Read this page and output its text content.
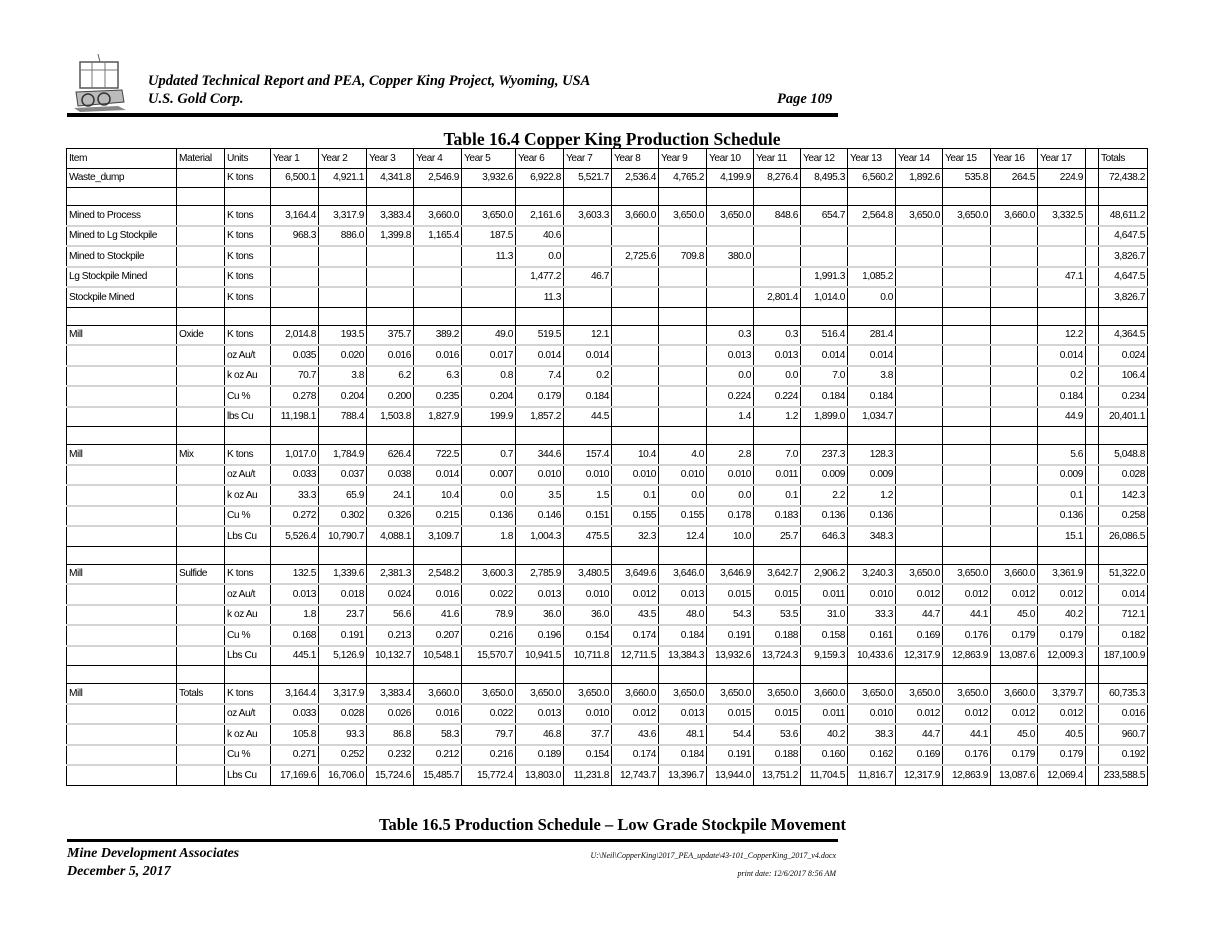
Updated Technical Report and PEA, Copper King Project, Wyoming, USA
U.S. Gold Corp.	Page 109
Table 16.4 Copper King Production Schedule
Item	Material	Units	Year 1	Year 2	Year 3	Year 4	Year 5	Year 6	Year 7	Year 8	Year 9	Year 10	Year 11	Year 12	Year 13	Year 14	Year 15	Year 16	Year 17		Totals
Waste_dump		K tons	6,500.1	4,921.1	4,341.8	2,546.9	3,932.6	6,922.8	5,521.7	2,536.4	4,765.2	4,199.9	8,276.4	8,495.3	6,560.2	1,892.6	535.8	264.5	224.9		72,438.2

Mined to Process		K tons	3,164.4	3,317.9	3,383.4	3,660.0	3,650.0	2,161.6	3,603.3	3,660.0	3,650.0	3,650.0	848.6	654.7	2,564.8	3,650.0	3,650.0	3,660.0	3,332.5		48,611.2
Mined to Lg Stockpile		K tons	968.3	886.0	1,399.8	1,165.4	187.5	40.6													4,647.5
Mined to Stockpile		K tons					11.3	0.0		2,725.6	709.8	380.0									3,826.7
Lg Stockpile Mined		K tons						1,477.2	46.7					1,991.3	1,085.2				47.1		4,647.5
Stockpile Mined		K tons						11.3					2,801.4	1,014.0	0.0						3,826.7

Mill	Oxide	K tons	2,014.8	193.5	375.7	389.2	49.0	519.5	12.1			0.3	0.3	516.4	281.4				12.2		4,364.5
		oz Au/t	0.035	0.020	0.016	0.016	0.017	0.014	0.014			0.013	0.013	0.014	0.014				0.014		0.024
		k oz Au	70.7	3.8	6.2	6.3	0.8	7.4	0.2			0.0	0.0	7.0	3.8				0.2		106.4
		Cu %	0.278	0.204	0.200	0.235	0.204	0.179	0.184			0.224	0.224	0.184	0.184				0.184		0.234
		lbs Cu	11,198.1	788.4	1,503.8	1,827.9	199.9	1,857.2	44.5			1.4	1.2	1,899.0	1,034.7				44.9		20,401.1

Mill	Mix	K tons	1,017.0	1,784.9	626.4	722.5	0.7	344.6	157.4	10.4	4.0	2.8	7.0	237.3	128.3				5.6		5,048.8
		oz Au/t	0.033	0.037	0.038	0.014	0.007	0.010	0.010	0.010	0.010	0.010	0.011	0.009	0.009				0.009		0.028
		k oz Au	33.3	65.9	24.1	10.4	0.0	3.5	1.5	0.1	0.0	0.0	0.1	2.2	1.2				0.1		142.3
		Cu %	0.272	0.302	0.326	0.215	0.136	0.146	0.151	0.155	0.155	0.178	0.183	0.136	0.136				0.136		0.258
		Lbs Cu	5,526.4	10,790.7	4,088.1	3,109.7	1.8	1,004.3	475.5	32.3	12.4	10.0	25.7	646.3	348.3				15.1		26,086.5

Mill	Sulfide	K tons	132.5	1,339.6	2,381.3	2,548.2	3,600.3	2,785.9	3,480.5	3,649.6	3,646.0	3,646.9	3,642.7	2,906.2	3,240.3	3,650.0	3,650.0	3,660.0	3,361.9		51,322.0
		oz Au/t	0.013	0.018	0.024	0.016	0.022	0.013	0.010	0.012	0.013	0.015	0.015	0.011	0.010	0.012	0.012	0.012	0.012		0.014
		k oz Au	1.8	23.7	56.6	41.6	78.9	36.0	36.0	43.5	48.0	54.3	53.5	31.0	33.3	44.7	44.1	45.0	40.2		712.1
		Cu %	0.168	0.191	0.213	0.207	0.216	0.196	0.154	0.174	0.184	0.191	0.188	0.158	0.161	0.169	0.176	0.179	0.179		0.182
		Lbs Cu	445.1	5,126.9	10,132.7	10,548.1	15,570.7	10,941.5	10,711.8	12,711.5	13,384.3	13,932.6	13,724.3	9,159.3	10,433.6	12,317.9	12,863.9	13,087.6	12,009.3		187,100.9

Mill	Totals	K tons	3,164.4	3,317.9	3,383.4	3,660.0	3,650.0	3,650.0	3,650.0	3,660.0	3,650.0	3,650.0	3,650.0	3,660.0	3,650.0	3,650.0	3,650.0	3,660.0	3,379.7		60,735.3
		oz Au/t	0.033	0.028	0.026	0.016	0.022	0.013	0.010	0.012	0.013	0.015	0.015	0.011	0.010	0.012	0.012	0.012	0.012		0.016
		k oz Au	105.8	93.3	86.8	58.3	79.7	46.8	37.7	43.6	48.1	54.4	53.6	40.2	38.3	44.7	44.1	45.0	40.5		960.7
		Cu %	0.271	0.252	0.232	0.212	0.216	0.189	0.154	0.174	0.184	0.191	0.188	0.160	0.162	0.169	0.176	0.179	0.179		0.192
		Lbs Cu	17,169.6	16,706.0	15,724.6	15,485.7	15,772.4	13,803.0	11,231.8	12,743.7	13,396.7	13,944.0	13,751.2	11,704.5	11,816.7	12,317.9	12,863.9	13,087.6	12,069.4		233,588.5
Table 16.5 Production Schedule – Low Grade Stockpile Movement
Mine Development Associates
December 5, 2017
U:\Neil\CopperKing\2017_PEA_update\43-101_CopperKing_2017_v4.docx
print date: 12/6/2017 8:56 AM
